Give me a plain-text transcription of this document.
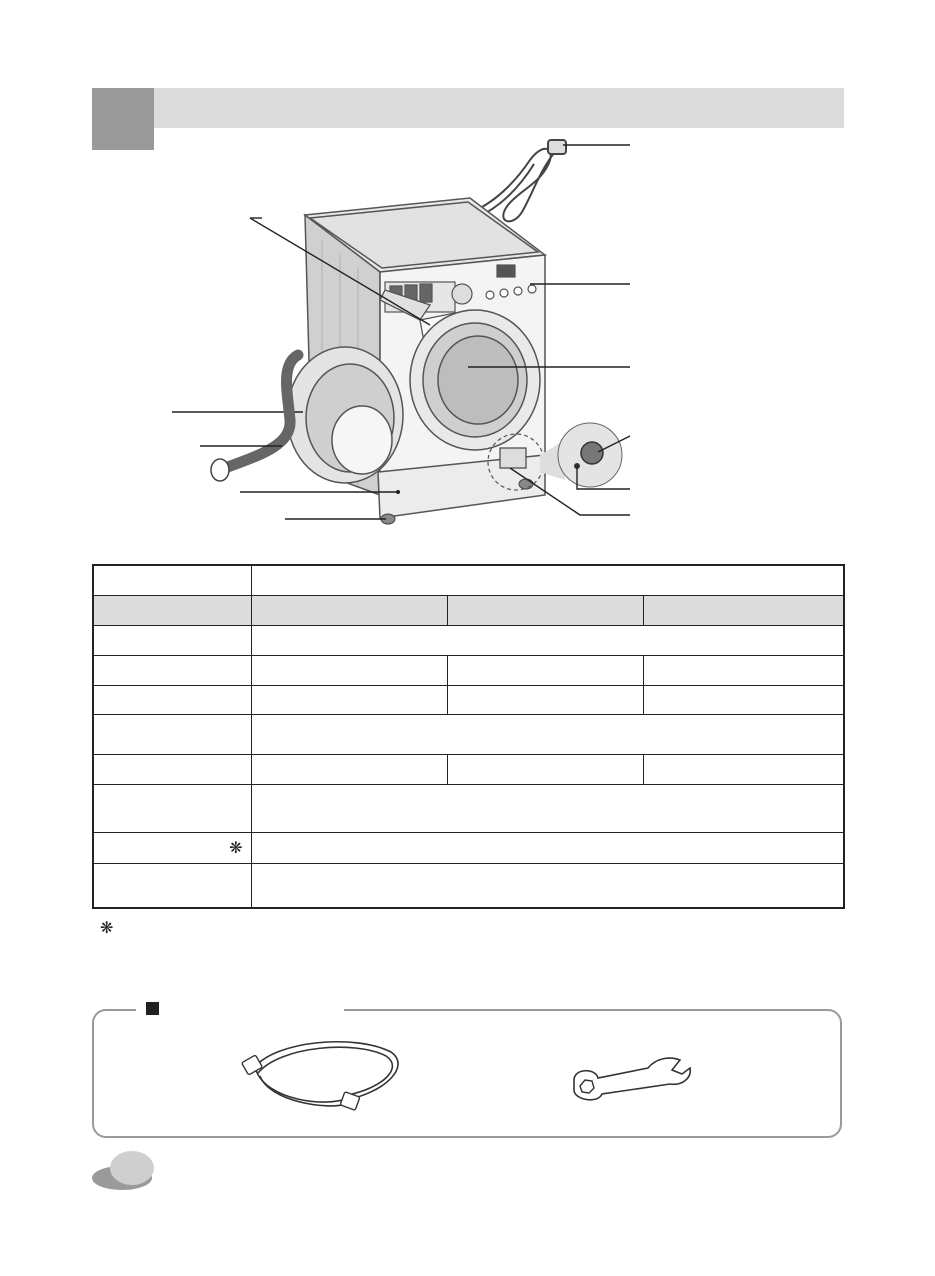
❋			

❋
